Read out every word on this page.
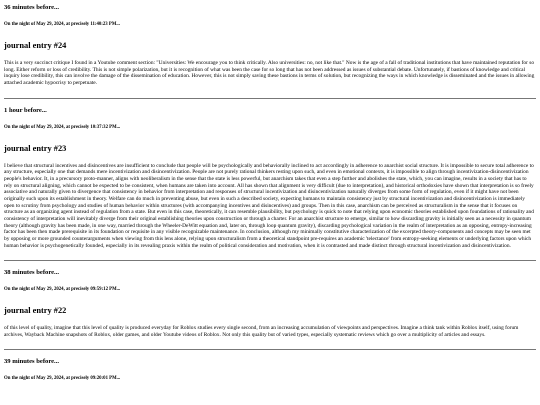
36 minutes before...

On the night of May 29, 2024, at precisely 11:40:23 PM...

journal entry #24

This is a very succinct critique I found in a Youtube comment section: "Universities: We encourage you to think critically. Also universities: no, not like that." Now is the age of a fall of traditional institutions that have maintained reputation for so long. Either reform or loss of credibility. This is not simple polarization, but it is recognition of what was been the case for so long that has not been addressed as issues of substantial debate. Unfortunately, if bastions of knowledge and critical inquiry lose credibility, this can involve the damage of the dissemination of education. However, this is not simply saving these bastions in terms of solution, but recognizing the ways in which knowledge is disseminated and the issues in allowing attached academic hypocrisy to perpetuate.

1 hour before...

On the night of May 29, 2024, at precisely 10:37:32 PM...

journal entry #23

I believe that structural incentives and disincentives are insufficient to conclude that people will be psychologically and behaviorally inclined to act accordingly in adherence to anarchist social structure. It is impossible to secure total adherence to any structure, especially one that demands mere incentivization and disincentivization. People are not purely rational thinkers resting upon such, and even in emotional contexts, it is impossible to align through incentivization-disincentivization people's behavior. It, in a precursory proto-manner, aligns with neoliberalism in the sense that the state is less powerful, but anarchism takes that even a step further and abolishes the state, which, you can imagine, results in a society that has to rely on structural aligning, which cannot be expected to be consistent, when humans are taken into account. All has shown that alignment is very difficult (due to interpretation), and historical orthodoxies have shown that interpretation is so freely associative and naturally given to divergence that consistency in behavior from interpretation and responses of structural incentivization and disincentivization naturally diverges from some form of regulation, even if it might have not been originally such upon its establishment in theory. Welfare can do much in preventing abuse, but even in such a described society, expecting humans to maintain consistency just by structural incentivization and disincentivization is immediately open to scrutiny from psychology and studies of human behavior within structures (with accompanying incentives and disincentives) and groups. Then in this case, anarchism can be perceived as structuralism in the sense that it focuses on structure as an organizing agent instead of regulation from a state. But even in this case, theoretically, it can resemble plausibility, but psychology is quick to note that relying upon economic theories established upon foundations of rationality and consistency of interpretation will inevitably diverge from their original establishing theories upon construction or through a charter. For an anarchist structure to emerge, similar to how discarding gravity is initially seen as a necessity in quantum theory (although gravity has been made, in one way, married through the Wheeler-DeWitt equation and, later on, through loop quantum gravity), discarding psychological variation in the realm of interpretation as an opposing, entropy-increasing factor has been then made prerequisite in its foundation or requisite in any visible recognizable maintenance. In conclusion, although my minimally constitutive characterization of the excerpted theory-components and concepts may be seen met by opposing or more grounded counterarguments when viewing from this lens alone, relying upon structuralism from a theoretical standpoint pre-requires an academic 'telectance' from entropy-seeking elements or underlying factors upon which human behavior is psychogenetically founded, especially in its revealing praxis within the realm of political consideration and motivation, when it is contrasted and made distinct through structural incentivization and disincentivization.

38 minutes before...

On the night of May 29, 2024, at precisely 09:59:12 PM...

journal entry #22

of this level of quality, imagine that this level of quality is produced everyday for Roblox studies every single second, from an increasing accumulation of viewpoints and perspectives. Imagine a think tank within Roblox itself, using forum archives, Wayback Machine snapshots of Roblox, older games, and older Youtube videos of Roblox. Not only this quality but of varied types, especially systematic reviews which go over a multiplicity of articles and essays.

39 minutes before...

On the night of May 29, 2024, at precisely 09:20:01 PM...
